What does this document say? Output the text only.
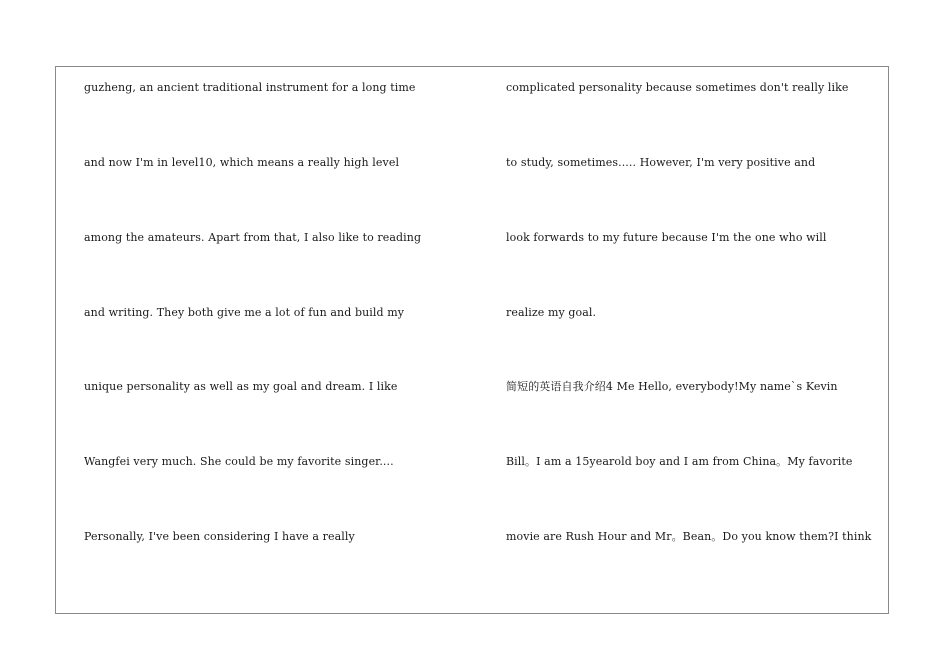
guzheng, an ancient traditional instrument for a long time
and now I'm in level10, which means a really high level
among the amateurs. Apart from that, I also like to reading
and writing. They both give me a lot of fun and build my
unique personality as well as my goal and dream. I like
Wangfei very much. She could be my favorite singer....
Personally, I've been considering I have a really
complicated personality because sometimes don't really like
to study, sometimes..... However, I'm very positive and
look forwards to my future because I'm the one who will
realize my goal.
简短的英语自我介绍4 Me Hello, everybody!My name`s Kevin
Bill。I am a 15yearold boy and I am from China。My favorite
movie are Rush Hour and Mr。Bean。Do you know them?I think
